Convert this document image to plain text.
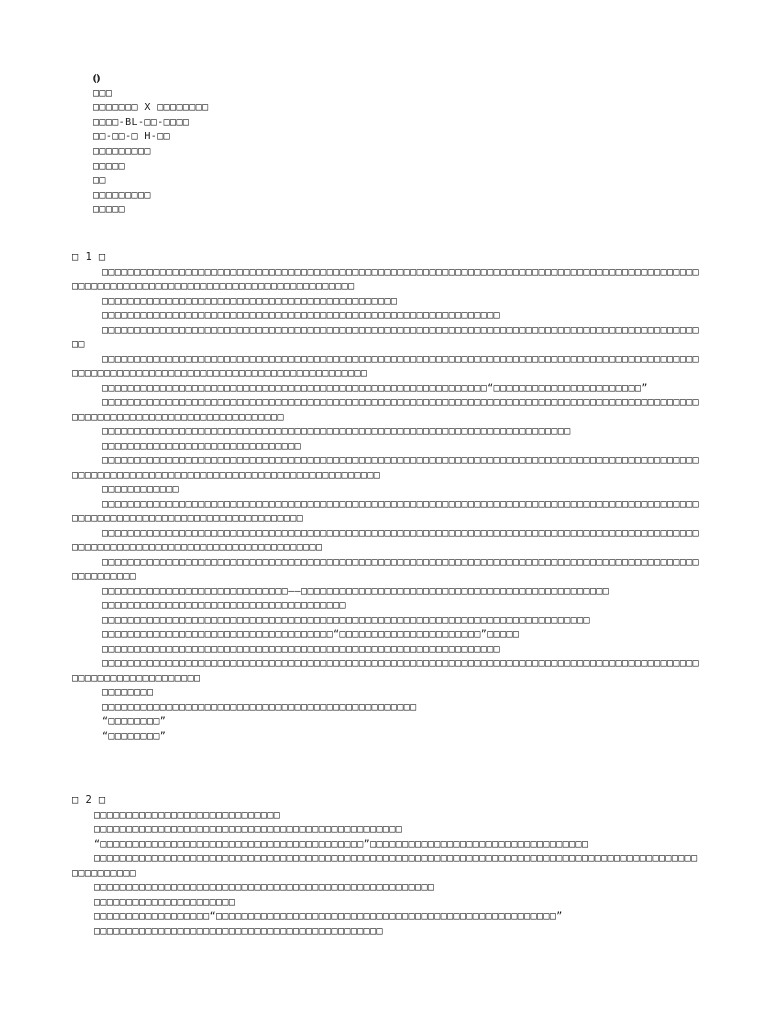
⦅⦆
□□□
□□□□□□□ X □□□□□□□□
□□□□-BL-□□-□□□□
□□-□□-□ H-□□
□□□□□□□□□
□□□□□
□□
□□□□□□□□□
□□□□□
□ 1 □

□□□□□□□□□□□□□□□□□□□□□□□□□□□□□□□□□□□□□□□□□□□□□□□□□□□□□□□□□□□□□□□□□□□□□□□□□□□□□□□□□□□□□□□□□□□□□□□□□□□□□□□□□□□□□□□□□□□□□□□□□□□□□□□□□□□□□□□□□

□□□□□□□□□□□□□□□□□□□□□□□□□□□□□□□□□□□□□□□□□□□□□□

□□□□□□□□□□□□□□□□□□□□□□□□□□□□□□□□□□□□□□□□□□□□□□□□□□□□□□□□□□□□□□

□□□□□□□□□□□□□□□□□□□□□□□□□□□□□□□□□□□□□□□□□□□□□□□□□□□□□□□□□□□□□□□□□□□□□□□□□□□□□□□□□□□□□□□□□□□□□□□

□□□□□□□□□□□□□□□□□□□□□□□□□□□□□□□□□□□□□□□□□□□□□□□□□□□□□□□□□□□□□□□□□□□□□□□□□□□□□□□□□□□□□□□□□□□□□□□□□□□□□□□□□□□□□□□□□□□□□□□□□□□□□□□□□□□□□□□□□□□

□□□□□□□□□□□□□□□□□□□□□□□□□□□□□□□□□□□□□□□□□□□□□□□□□□□□□□□□□□□□“□□□□□□□□□□□□□□□□□□□□□□□”

□□□□□□□□□□□□□□□□□□□□□□□□□□□□□□□□□□□□□□□□□□□□□□□□□□□□□□□□□□□□□□□□□□□□□□□□□□□□□□□□□□□□□□□□□□□□□□□□□□□□□□□□□□□□□□□□□□□□□□□□□□□□□□

□□□□□□□□□□□□□□□□□□□□□□□□□□□□□□□□□□□□□□□□□□□□□□□□□□□□□□□□□□□□□□□□□□□□□□□□□

□□□□□□□□□□□□□□□□□□□□□□□□□□□□□□□

□□□□□□□□□□□□□□□□□□□□□□□□□□□□□□□□□□□□□□□□□□□□□□□□□□□□□□□□□□□□□□□□□□□□□□□□□□□□□□□□□□□□□□□□□□□□□□□□□□□□□□□□□□□□□□□□□□□□□□□□□□□□□□□□□□□□□□□□□□□□□

□□□□□□□□□□□□

□□□□□□□□□□□□□□□□□□□□□□□□□□□□□□□□□□□□□□□□□□□□□□□□□□□□□□□□□□□□□□□□□□□□□□□□□□□□□□□□□□□□□□□□□□□□□□□□□□□□□□□□□□□□□□□□□□□□□□□□□□□□□□□□□

□□□□□□□□□□□□□□□□□□□□□□□□□□□□□□□□□□□□□□□□□□□□□□□□□□□□□□□□□□□□□□□□□□□□□□□□□□□□□□□□□□□□□□□□□□□□□□□□□□□□□□□□□□□□□□□□□□□□□□□□□□□□□□□□□□□□

□□□□□□□□□□□□□□□□□□□□□□□□□□□□□□□□□□□□□□□□□□□□□□□□□□□□□□□□□□□□□□□□□□□□□□□□□□□□□□□□□□□□□□□□□□□□□□□□□□□□□□□

□□□□□□□□□□□□□□□□□□□□□□□□□□□□□——□□□□□□□□□□□□□□□□□□□□□□□□□□□□□□□□□□□□□□□□□□□□□□□□

□□□□□□□□□□□□□□□□□□□□□□□□□□□□□□□□□□□□□□

□□□□□□□□□□□□□□□□□□□□□□□□□□□□□□□□□□□□□□□□□□□□□□□□□□□□□□□□□□□□□□□□□□□□□□□□□□□□

□□□□□□□□□□□□□□□□□□□□□□□□□□□□□□□□□□□□“□□□□□□□□□□□□□□□□□□□□□□”□□□□□

□□□□□□□□□□□□□□□□□□□□□□□□□□□□□□□□□□□□□□□□□□□□□□□□□□□□□□□□□□□□□□

□□□□□□□□□□□□□□□□□□□□□□□□□□□□□□□□□□□□□□□□□□□□□□□□□□□□□□□□□□□□□□□□□□□□□□□□□□□□□□□□□□□□□□□□□□□□□□□□□□□□□□□□□□□□□□□□□

□□□□□□□□

□□□□□□□□□□□□□□□□□□□□□□□□□□□□□□□□□□□□□□□□□□□□□□□□□

“□□□□□□□□”

“□□□□□□□□”

□ 2 □

□□□□□□□□□□□□□□□□□□□□□□□□□□□□□

□□□□□□□□□□□□□□□□□□□□□□□□□□□□□□□□□□□□□□□□□□□□□□□□

“□□□□□□□□□□□□□□□□□□□□□□□□□□□□□□□□□□□□□□□□□”□□□□□□□□□□□□□□□□□□□□□□□□□□□□□□□□□□

□□□□□□□□□□□□□□□□□□□□□□□□□□□□□□□□□□□□□□□□□□□□□□□□□□□□□□□□□□□□□□□□□□□□□□□□□□□□□□□□□□□□□□□□□□□□□□□□□□□□□□□□

□□□□□□□□□□□□□□□□□□□□□□□□□□□□□□□□□□□□□□□□□□□□□□□□□□□□□

□□□□□□□□□□□□□□□□□□□□□□

□□□□□□□□□□□□□□□□□□“□□□□□□□□□□□□□□□□□□□□□□□□□□□□□□□□□□□□□□□□□□□□□□□□□□□□□”

□□□□□□□□□□□□□□□□□□□□□□□□□□□□□□□□□□□□□□□□□□□□□
